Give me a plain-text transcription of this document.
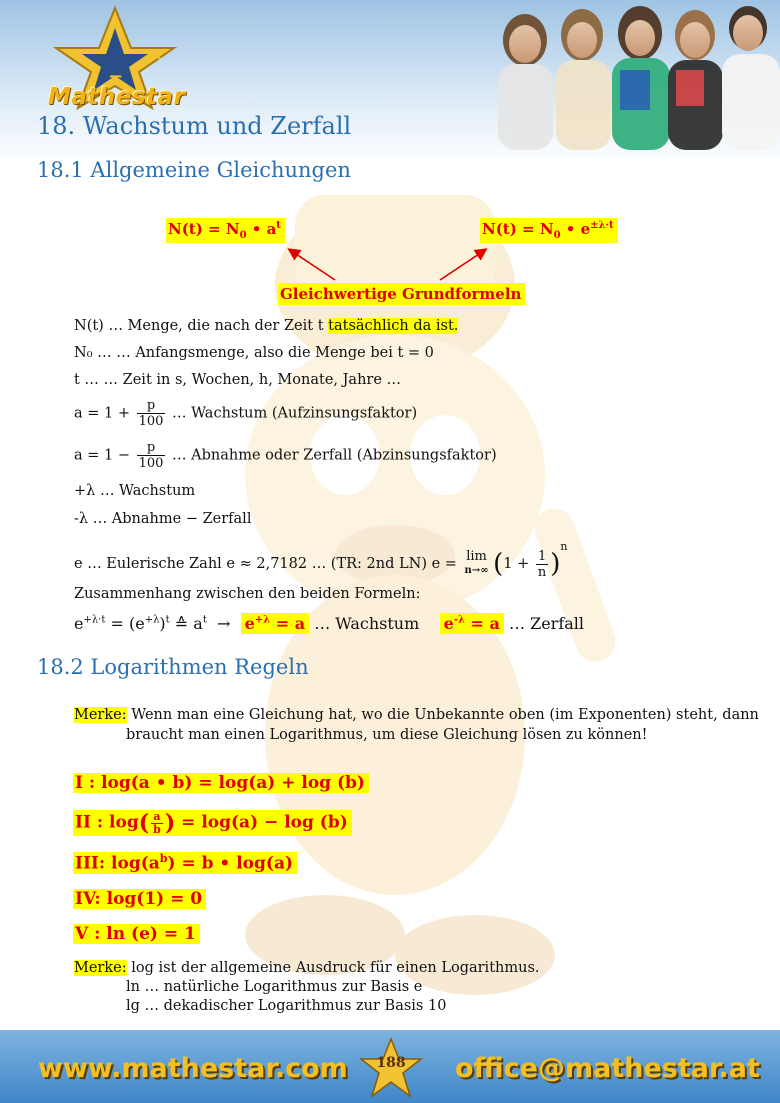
+	×
−
Mathestar
18. Wachstum und Zerfall
18.1 Allgemeine Gleichungen
$N(t) = N_0$ • $a^t$	$N(t) = N_0$ • $e^{\pm\lambda\cdot t}$
Gleichwertige Grundformeln
N(t) … Menge, die nach der Zeit t tatsächlich da ist.
N₀ … … Anfangsmenge, also die Menge bei t = 0
t … … Zeit in s, Wochen, h, Monate, Jahre …
$a = 1 + \frac{p}{100}$ … Wachstum (Aufzinsungsfaktor)
$a = 1 - \frac{p}{100}$ … Abnahme oder Zerfall (Abzinsungsfaktor)
+λ … Wachstum
-λ … Abnahme − Zerfall
e … Eulerische Zahl e ≈ 2,7182 … (TR: 2nd LN) e = lim
n→∞ $(1 + \frac{1}{n} )^n$
Zusammenhang zwischen den beiden Formeln:
$e^{+\lambda\cdot t} = (e^{+\lambda})^t$ ≙ $a^t \to e^{+\lambda} = a$ … Wachstum    $e^{-\lambda} = a$ … Zerfall
18.2 Logarithmen Regeln
Merke: Wenn man eine Gleichung hat, wo die Unbekannte oben (im Exponenten) steht, dann
braucht man einen Logarithmus, um diese Gleichung lösen zu können!
I : log(a • b) = log(a) + log (b)
II : $\log( \frac{a}{b}$ ) = log(a) − log (b)
III: $\log(a^b) = b$ • log(a)
IV: log(1) = 0
V : ln (e) = 1
Merke: log ist der allgemeine Ausdruck für einen Logarithmus.
ln … natürliche Logarithmus zur Basis e
lg … dekadischer Logarithmus zur Basis 10
www.mathestar.com	office@mathestar.at
188
